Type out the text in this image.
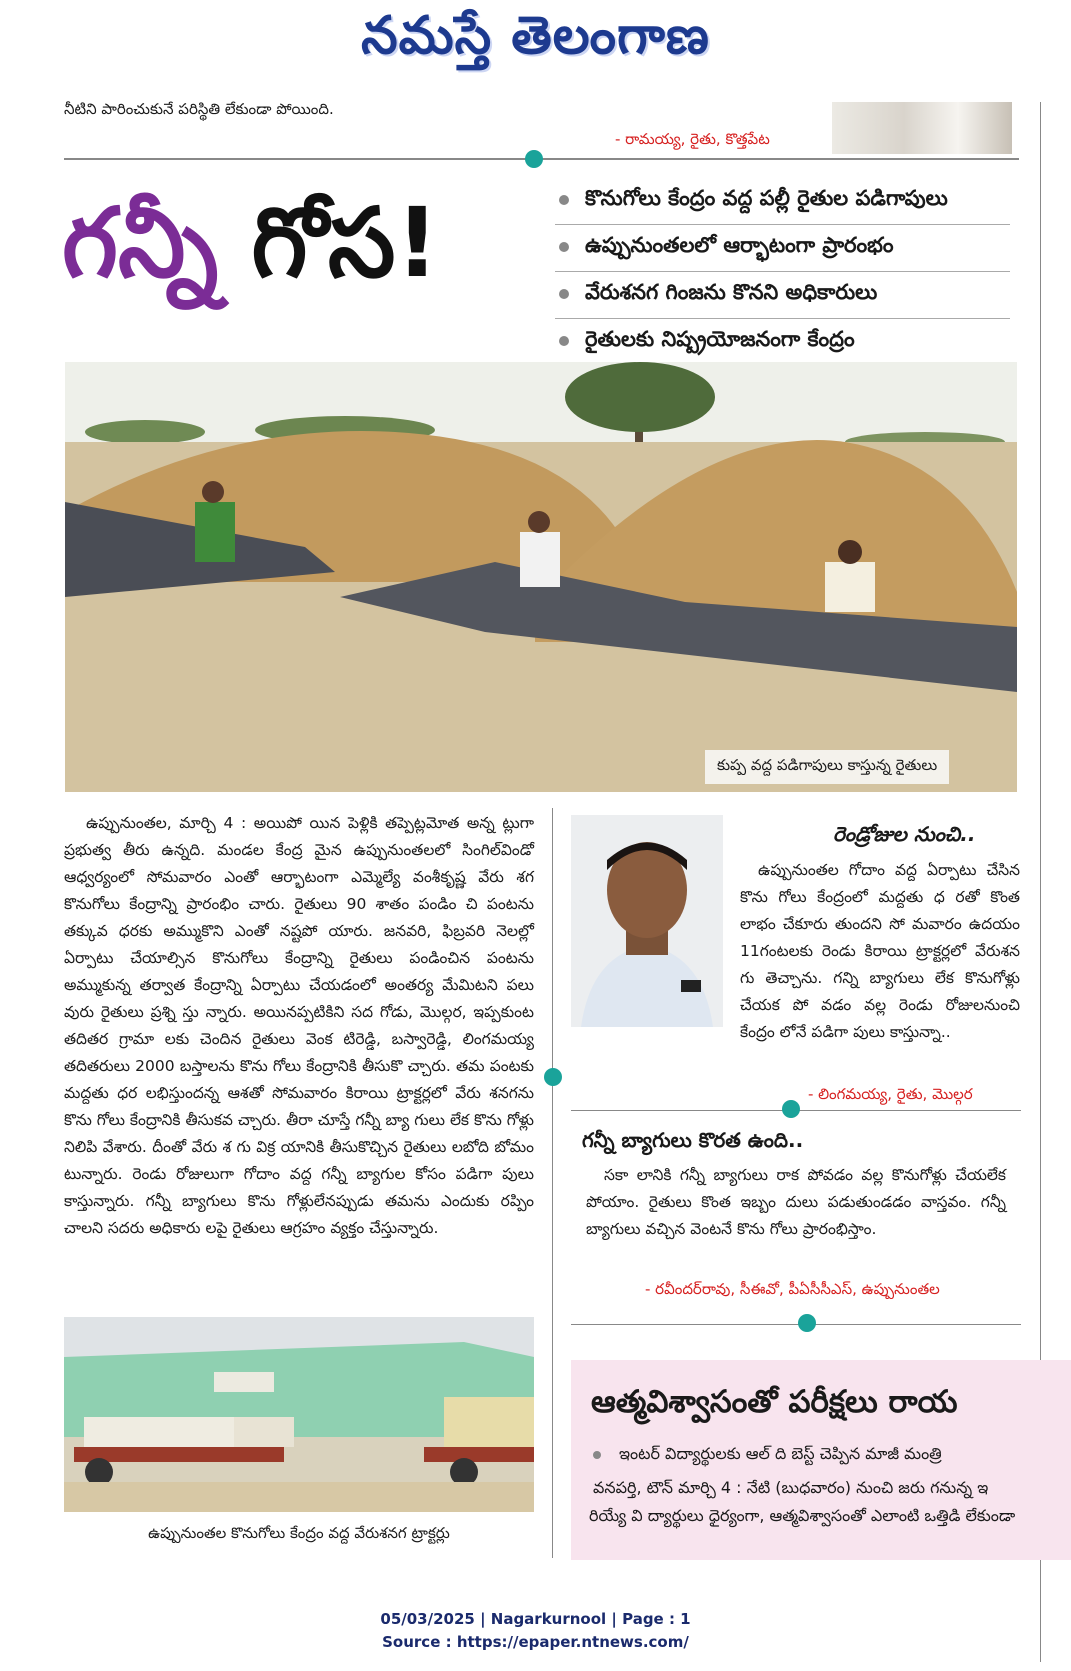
నమస్తే తెలంగాణ
నీటిని పారించుకునే పరిస్థితి లేకుండా పోయింది.
- రామయ్య, రైతు, కొత్తపేట
గన్నీ గోస!	కొనుగోలు కేంద్రం వద్ద పల్లీ రైతుల పడిగాపులు
ఉప్పునుంతలలో ఆర్భాటంగా ప్రారంభం
వేరుశనగ గింజను కొనని అధికారులు
రైతులకు నిష్ప్రయోజనంగా కేంద్రం
కుప్ప వద్ద పడిగాపులు కాస్తున్న రైతులు
ఉప్పునుంతల, మార్చి 4 : అయిపో యిన పెళ్లికి తప్పెట్లమోత అన్న ట్లుగా ప్రభుత్వ తీరు ఉన్నది. మండల కేంద్ర మైన ఉప్పునుంతలలో సింగిల్‌విండో ఆధ్వర్యంలో సోమవారం ఎంతో ఆర్భాటంగా ఎమ్మెల్యే వంశీకృష్ణ వేరు శగ కొనుగోలు కేంద్రాన్ని ప్రారంభిం చారు. రైతులు 90 శాతం పండిం చి పంటను తక్కువ ధరకు అమ్ముకొని ఎంతో నష్టపో యారు. జనవరి, ఫిబ్రవరి నెలల్లో ఏర్పాటు చేయాల్సిన కొనుగోలు కేంద్రాన్ని రైతులు పండించిన పంటను అమ్ముకున్న తర్వాత కేంద్రాన్ని ఏర్పాటు చేయడంలో అంతర్య మేమిటని పలు వురు రైతులు ప్రశ్ని స్తు న్నారు. అయినప్పటికిని సద గోడు, మొల్గర, ఇప్పకుంట తదితర గ్రామా లకు చెందిన రైతులు వెంక టిరెడ్డి, బస్వారెడ్డి, లింగమయ్య తదితరులు 2000 బస్తాలను కొను గోలు కేంద్రానికి తీసుకొ చ్చారు. తమ పంటకు మద్దతు ధర లభిస్తుందన్న ఆశతో సోమవారం కిరాయి ట్రాక్టర్లలో వేరు శనగను కొను గోలు కేంద్రానికి తీసుకవ చ్చారు. తీరా చూస్తే గన్నీ బ్యా గులు లేక కొను గోళ్లు నిలిపి వేశారు. దీంతో వేరు శ గు విక్ర యానికి తీసుకొచ్చిన రైతులు లబోది బోమం టున్నారు. రెండు రోజులుగా గోదాం వద్ద గన్నీ బ్యాగుల కోసం పడిగా పులు కాస్తున్నారు. గన్నీ బ్యాగులు కొను గోళ్లులేనప్పుడు తమను ఎందుకు రప్పిం చాలని సదరు అధికారు లపై రైతులు ఆగ్రహం వ్యక్తం చేస్తున్నారు.
రెండ్రోజుల నుంచి..
ఉప్పునుంతల గోదాం వద్ద ఏర్పాటు చేసిన కొను గోలు కేంద్రంలో మద్దతు ధ రతో కొంత లాభం చేకూరు తుందని సో మవారం ఉదయం 11గంటలకు రెండు కిరాయి ట్రాక్టర్లలో వేరుశన గు తెచ్చాను. గన్ని బ్యాగులు లేక కొనుగోళ్లు చేయక పో వడం వల్ల రెండు రోజులనుంచి కేంద్రం లోనే పడిగా పులు కాస్తున్నా..
- లింగమయ్య, రైతు, మొల్గర
గన్నీ బ్యాగులు కొరత ఉంది..
సకా లానికి గన్నీ బ్యాగులు రాక పోవడం వల్ల కొనుగోళ్లు చేయలేక పోయాం. రైతులు కొంత ఇబ్బం దులు పడుతుండడం వాస్తవం. గన్నీ బ్యాగులు వచ్చిన వెంటనే కొను గోలు ప్రారంభిస్తాం.
- రవీందర్‌రావు, సీఈవో, పీఏసీసీఎస్, ఉప్పునుంతల
ఉప్పునుంతల కొనుగోలు కేంద్రం వద్ద వేరుశనగ ట్రాక్టర్లు
ఆత్మవిశ్వాసంతో పరీక్షలు రాయ
ఇంటర్ విద్యార్థులకు ఆల్ ది బెస్ట్ చెప్పిన మాజీ మంత్రి
వనపర్తి, టౌన్ మార్చి 4 : నేటి (బుధవారం) నుంచి జరు గనున్న ఇ
రియ్యే వి ద్యార్థులు ధైర్యంగా, ఆత్మవిశ్వాసంతో ఎలాంటి ఒత్తిడి లేకుండా
05/03/2025 | Nagarkurnool | Page : 1
Source : https://epaper.ntnews.com/
